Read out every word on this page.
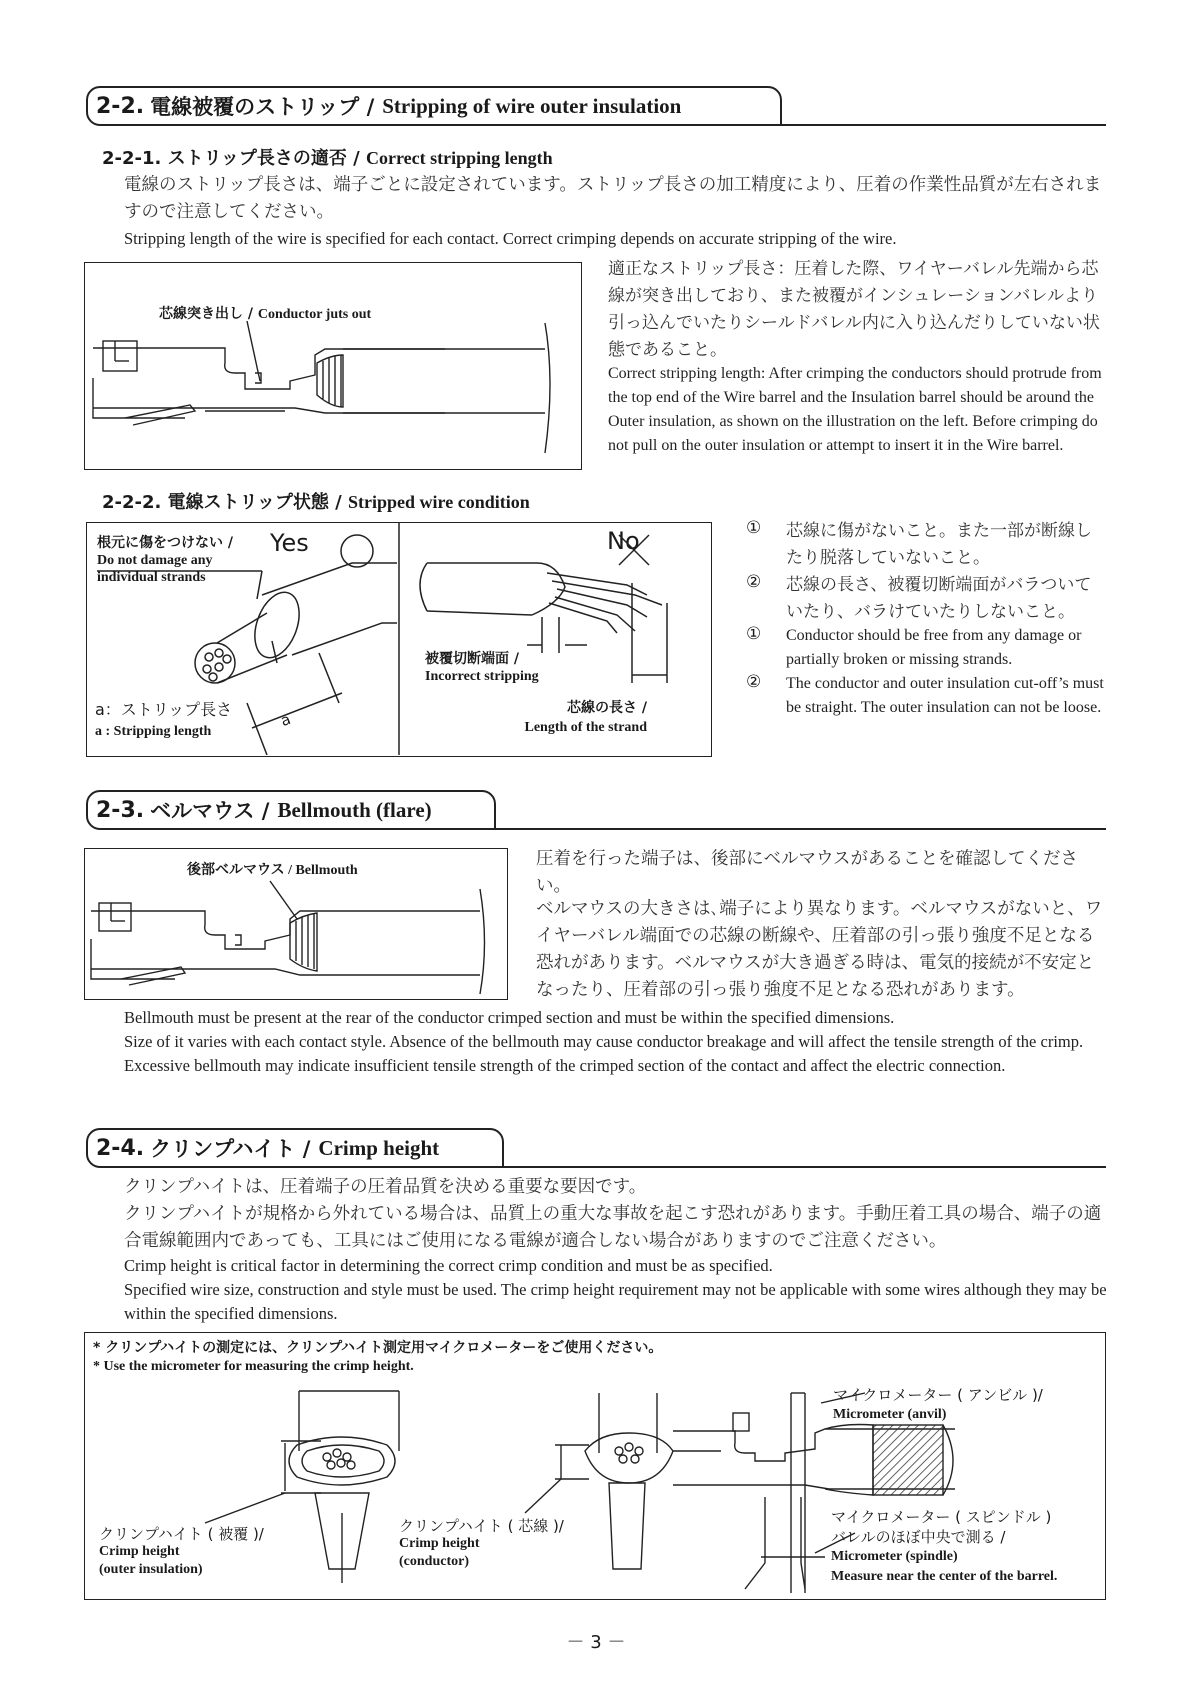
2-2. 電線被覆のストリップ / Stripping of wire outer insulation
2-2-1. ストリップ長さの適否 / Correct stripping length
電線のストリップ長さは、端子ごとに設定されています。ストリップ長さの加工精度により、圧着の作業性品質が左右されますので注意してください。
Stripping length of the wire is specified for each contact. Correct crimping depends on accurate stripping of the wire.
芯線突き出し / Conductor juts out
適正なストリップ長さ：圧着した際、ワイヤーバレル先端から芯線が突き出しており、また被覆がインシュレーションバレルより引っ込んでいたりシールドバレル内に入り込んだりしていない状態であること。
Correct stripping length: After crimping the conductors should protrude from the top end of the Wire barrel and the Insulation barrel should be around the Outer insulation, as shown on the illustration on the left. Before crimping do not pull on the outer insulation or attempt to insert it in the Wire barrel.
2-2-2. 電線ストリップ状態 / Stripped wire condition
根元に傷をつけない /
Do not damage any
individual strands
Yes	No
a：ストリップ長さ
a : Stripping length
被覆切断端面 /
Incorrect stripping
芯線の長さ /
Length of the strand
a
①	芯線に傷がないこと。また一部が断線したり脱落していないこと。
②	芯線の長さ、被覆切断端面がバラついていたり、バラけていたりしないこと。
①	Conductor should be free from any damage or partially broken or missing strands.
②	The conductor and outer insulation cut-off’s must be straight. The outer insulation can not be loose.
2-3. ベルマウス / Bellmouth (flare)
後部ベルマウス / Bellmouth
圧着を行った端子は、後部にベルマウスがあることを確認してください。
ベルマウスの大きさは､端子により異なります。ベルマウスがないと、ワイヤーバレル端面での芯線の断線や、圧着部の引っ張り強度不足となる恐れがあります。ベルマウスが大き過ぎる時は、電気的接続が不安定となったり、圧着部の引っ張り強度不足となる恐れがあります。
Bellmouth must be present at the rear of the conductor crimped section and must be within the specified dimensions.
Size of it varies with each contact style. Absence of the bellmouth may cause conductor breakage and will affect the tensile strength of the crimp. Excessive bellmouth may indicate insufficient tensile strength of the crimped section of the contact and affect the electric connection.
2-4. クリンプハイト / Crimp height
クリンプハイトは、圧着端子の圧着品質を決める重要な要因です。
クリンプハイトが規格から外れている場合は、品質上の重大な事故を起こす恐れがあります。手動圧着工具の場合、端子の適合電線範囲内であっても、工具にはご使用になる電線が適合しない場合がありますのでご注意ください。
Crimp height is critical factor in determining the correct crimp condition and must be as specified.
Specified wire size, construction and style must be used. The crimp height requirement may not be applicable with some wires although they may be within the specified dimensions.
* クリンプハイトの測定には、クリンプハイト測定用マイクロメーターをご使用ください。
* Use the micrometer for measuring the crimp height.
クリンプハイト ( 被覆 )/
Crimp height
(outer insulation)
クリンプハイト ( 芯線 )/
Crimp height
(conductor)
マイクロメーター ( アンビル )/
Micrometer (anvil)
マイクロメーター ( スピンドル )
バレルのほぼ中央で測る /
Micrometer (spindle)
Measure near the center of the barrel.
－ 3 －
